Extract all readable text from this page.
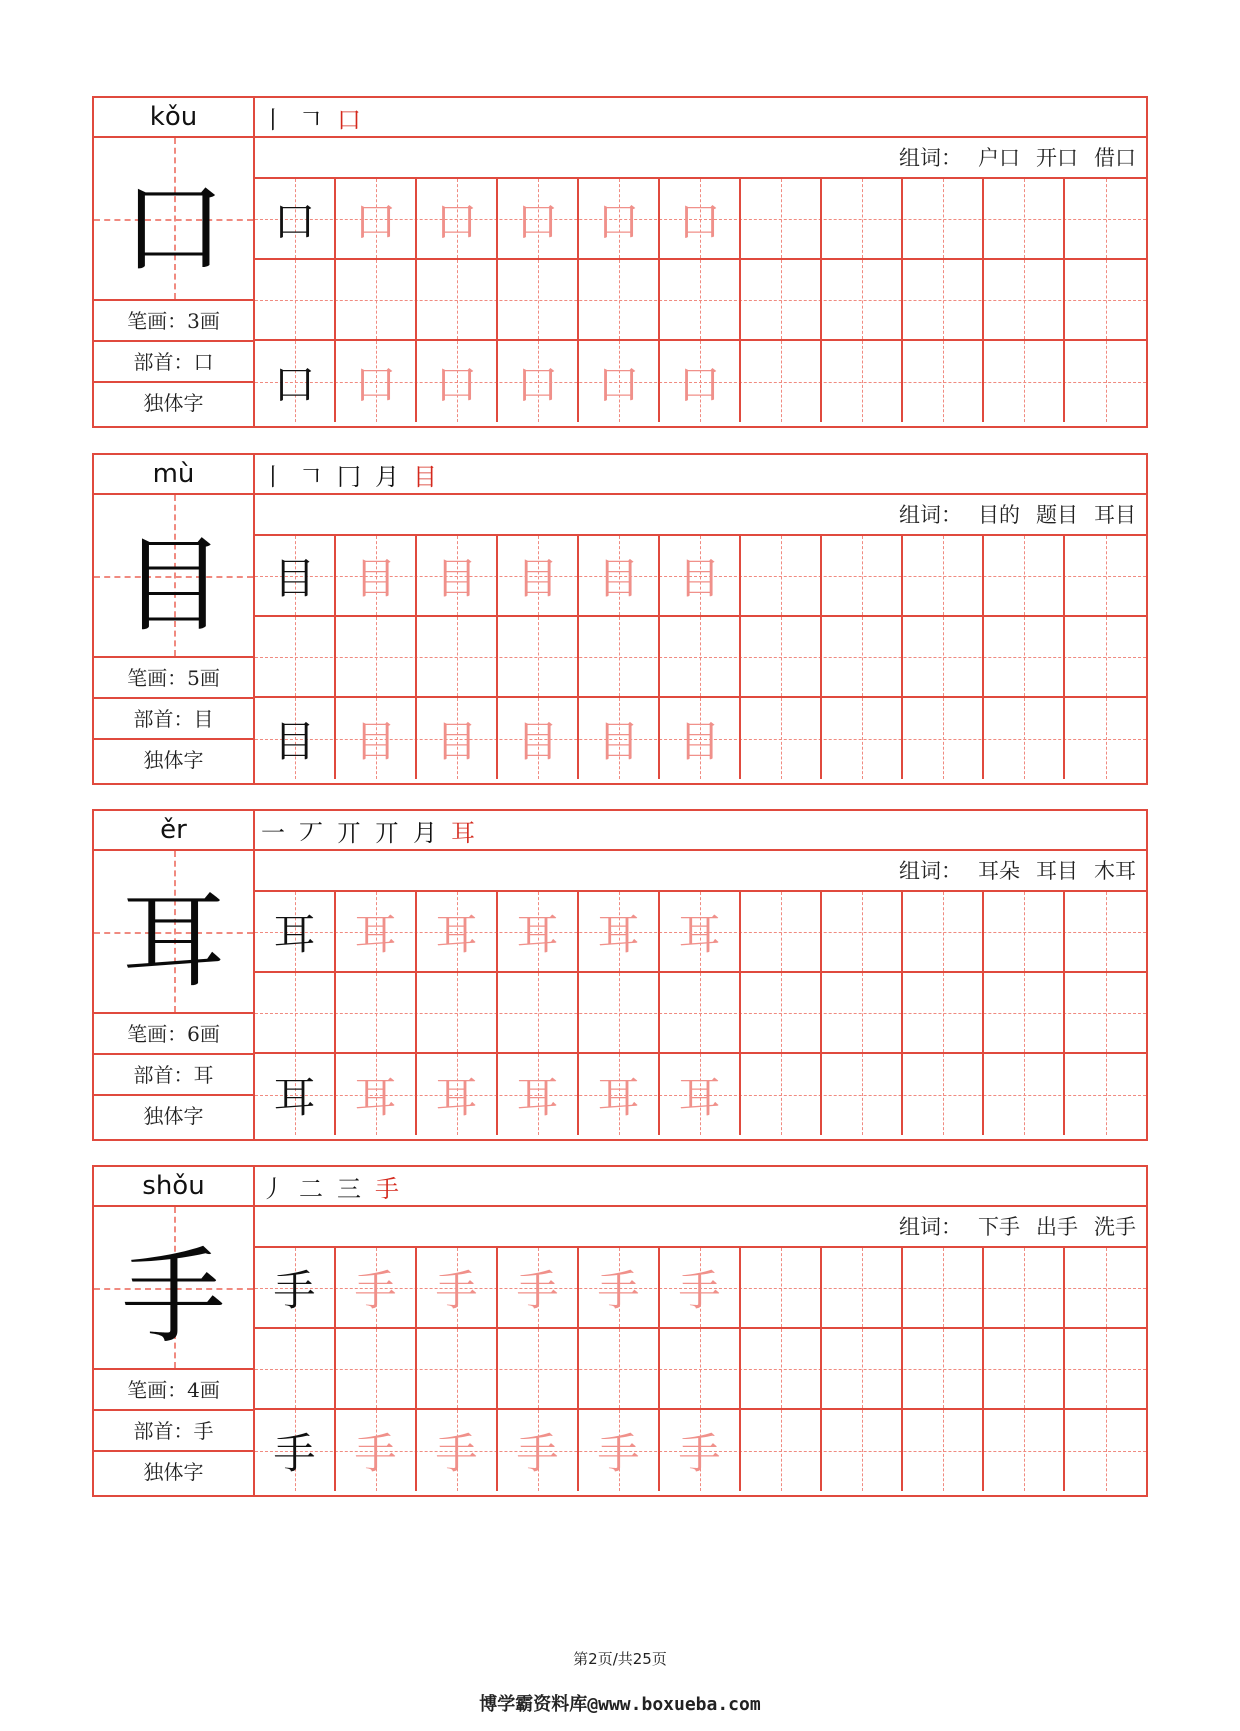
kǒu
口
笔画：3画
部首：口
独体字
丨 𠃍 口
组词： 户口 开口 借口
口 口 口 口 口 口
口 口 口 口 口 口
mù
目
笔画：5画
部首：目
独体字
丨 𠃍 冂 月 目
组词： 目的 题目 耳目
目 目 目 目 目 目
目 目 目 目 目 目
ěr
耳
笔画：6画
部首：耳
独体字
一 丆 丌 丌 月 耳
组词： 耳朵 耳目 木耳
耳 耳 耳 耳 耳 耳
耳 耳 耳 耳 耳 耳
shǒu
手
笔画：4画
部首：手
独体字
丿 二 三 手
组词： 下手 出手 洗手
手 手 手 手 手 手
手 手 手 手 手 手
第2页/共25页
博学霸资料库@www.boxueba.com
